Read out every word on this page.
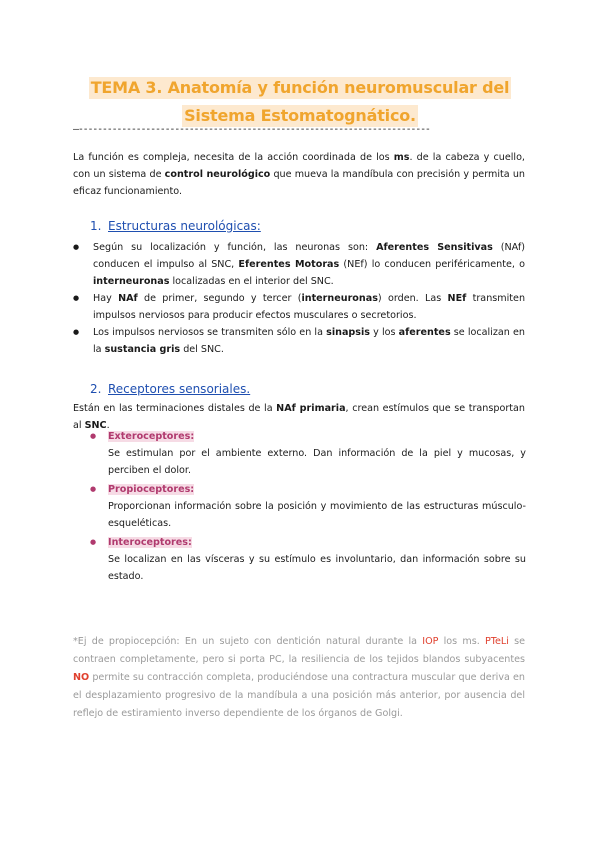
TEMA 3. Anatomía y función neuromuscular del
Sistema Estomatognático.
—-------------------------------------------------------------------------

La función es compleja, necesita de la acción coordinada de los ms. de la cabeza y cuello, con un sistema de control neurológico que mueva la mandíbula con precisión y permita un eficaz funcionamiento.

1. Estructuras neurológicas:
● Según su localización y función, las neuronas son: Aferentes Sensitivas (NAf) conducen el impulso al SNC, Eferentes Motoras (NEf) lo conducen periféricamente, o interneuronas localizadas en el interior del SNC.
● Hay NAf de primer, segundo y tercer (interneuronas) orden. Las NEf transmiten impulsos nerviosos para producir efectos musculares o secretorios.
● Los impulsos nerviosos se transmiten sólo en la sinapsis y los aferentes se localizan en la sustancia gris del SNC.
2. Receptores sensoriales.

Están en las terminaciones distales de la NAf primaria, crean estímulos que se transportan al SNC.

● Exteroceptores:
Se estimulan por el ambiente externo. Dan información de la piel y mucosas, y perciben el dolor.
● Propioceptores:
Proporcionan información sobre la posición y movimiento de las estructuras músculo-esqueléticas.
● Interoceptores:
Se localizan en las vísceras y su estímulo es involuntario, dan información sobre su estado.

*Ej de propiocepción: En un sujeto con dentición natural durante la IOP los ms. PTeLi se contraen completamente, pero si porta PC, la resiliencia de los tejidos blandos subyacentes NO permite su contracción completa, produciéndose una contractura muscular que deriva en el desplazamiento progresivo de la mandíbula a una posición más anterior, por ausencia del reflejo de estiramiento inverso dependiente de los órganos de Golgi.
